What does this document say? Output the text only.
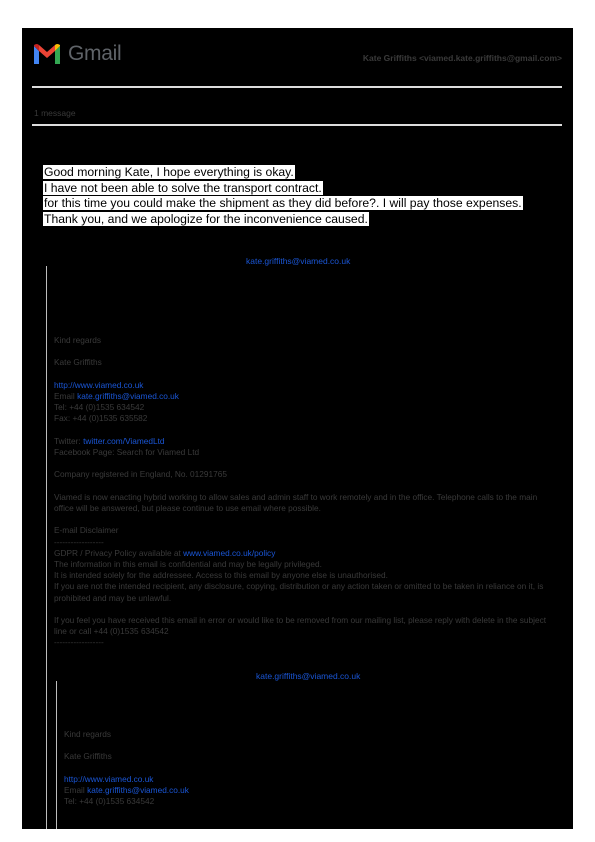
Gmail	Kate Griffiths <viamed.kate.griffiths@gmail.com>
1 message
Good morning Kate, I hope everything is okay.
I have not been able to solve the transport contract.
for this time you could make the shipment as they did before?. I will pay those expenses.
Thank you, and we apologize for the inconvenience caused.
kate.griffiths@viamed.co.uk
Kind regards
Kate Griffiths
http://www.viamed.co.uk
Email kate.griffiths@viamed.co.uk
Tel: +44 (0)1535 634542
Fax: +44 (0)1535 635582
Twitter: twitter.com/ViamedLtd
Facebook Page: Search for Viamed Ltd
Company registered in England, No. 01291765
Viamed is now enacting hybrid working to allow sales and admin staff to work remotely and in the office. Telephone calls to the main office will be answered, but please continue to use email where possible.
E-mail Disclaimer
------------------
GDPR / Privacy Policy available at www.viamed.co.uk/policy
The information in this email is confidential and may be legally privileged.
It is intended solely for the addressee. Access to this email by anyone else is unauthorised.
If you are not the intended recipient, any disclosure, copying, distribution or any action taken or omitted to be taken in reliance on it, is prohibited and may be unlawful.
If you feel you have received this email in error or would like to be removed from our mailing list, please reply with delete in the subject line or call +44 (0)1535 634542
------------------
kate.griffiths@viamed.co.uk
Kind regards
Kate Griffiths
http://www.viamed.co.uk
Email kate.griffiths@viamed.co.uk
Tel: +44 (0)1535 634542
